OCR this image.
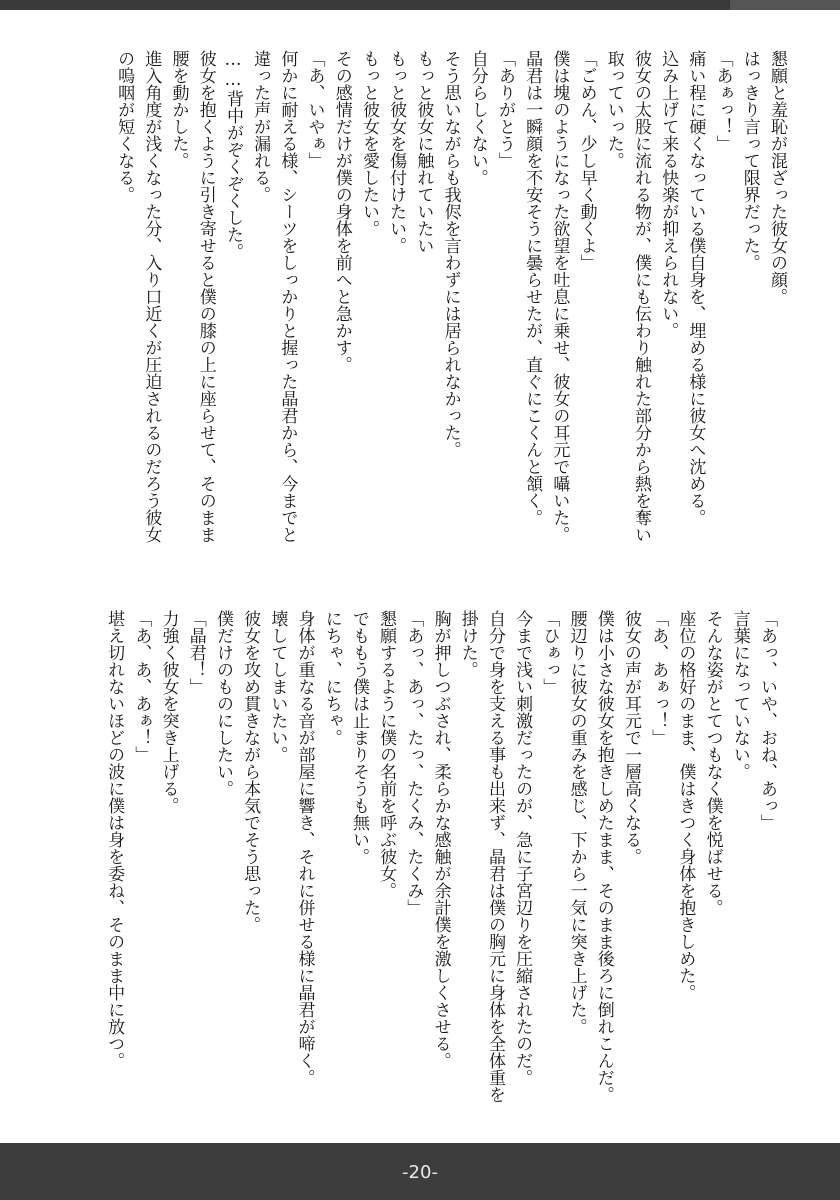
懇願と羞恥が混ざった彼女の顔。

はっきり言って限界だった。

「あぁっ！」

痛い程に硬くなっている僕自身を、埋める様に彼女へ沈める。

込み上げて来る快楽が抑えられない。

彼女の太股に流れる物が、僕にも伝わり触れた部分から熱を奪い

取っていった。

「ごめん、少し早く動くよ」

僕は塊のようになった欲望を吐息に乗せ、彼女の耳元で囁いた。

晶君は一瞬顔を不安そうに曇らせたが、直ぐにこくんと頷く。

「ありがとう」

自分らしくない。

そう思いながらも我侭を言わずには居られなかった。

もっと彼女に触れていたい

もっと彼女を傷付けたい。

もっと彼女を愛したい。

その感情だけが僕の身体を前へと急かす。

「あ、いやぁ」

何かに耐える様、シーツをしっかりと握った晶君から、今までと

違った声が漏れる。

……背中がぞくぞくした。

彼女を抱くように引き寄せると僕の膝の上に座らせて、そのまま

腰を動かした。

進入角度が浅くなった分、入り口近くが圧迫されるのだろう彼女

の嗚咽が短くなる。

「あっ、いや、おね、あっ」

言葉になっていない。

そんな姿がとてつもなく僕を悦ばせる。

座位の格好のまま、僕はきつく身体を抱きしめた。

「あ、あぁっ！」

彼女の声が耳元で一層高くなる。

僕は小さな彼女を抱きしめたまま、そのまま後ろに倒れこんだ。

腰辺りに彼女の重みを感じ、下から一気に突き上げた。

「ひぁっ」

今まで浅い刺激だったのが、急に子宮辺りを圧縮されたのだ。

自分で身を支える事も出来ず、晶君は僕の胸元に身体を全体重を

掛けた。

胸が押しつぶされ、柔らかな感触が余計僕を激しくさせる。

「あっ、あっ、たっ、たくみ、たくみ」

懇願するように僕の名前を呼ぶ彼女。

でももう僕は止まりそうも無い。

にちゃ、にちゃ。

身体が重なる音が部屋に響き、それに併せる様に晶君が啼く。

壊してしまいたい。

彼女を攻め貫きながら本気でそう思った。

僕だけのものにしたい。

「晶君！」

力強く彼女を突き上げる。

「あ、あ、あぁ！」

堪え切れないほどの波に僕は身を委ね、そのまま中に放つ。

-20-
